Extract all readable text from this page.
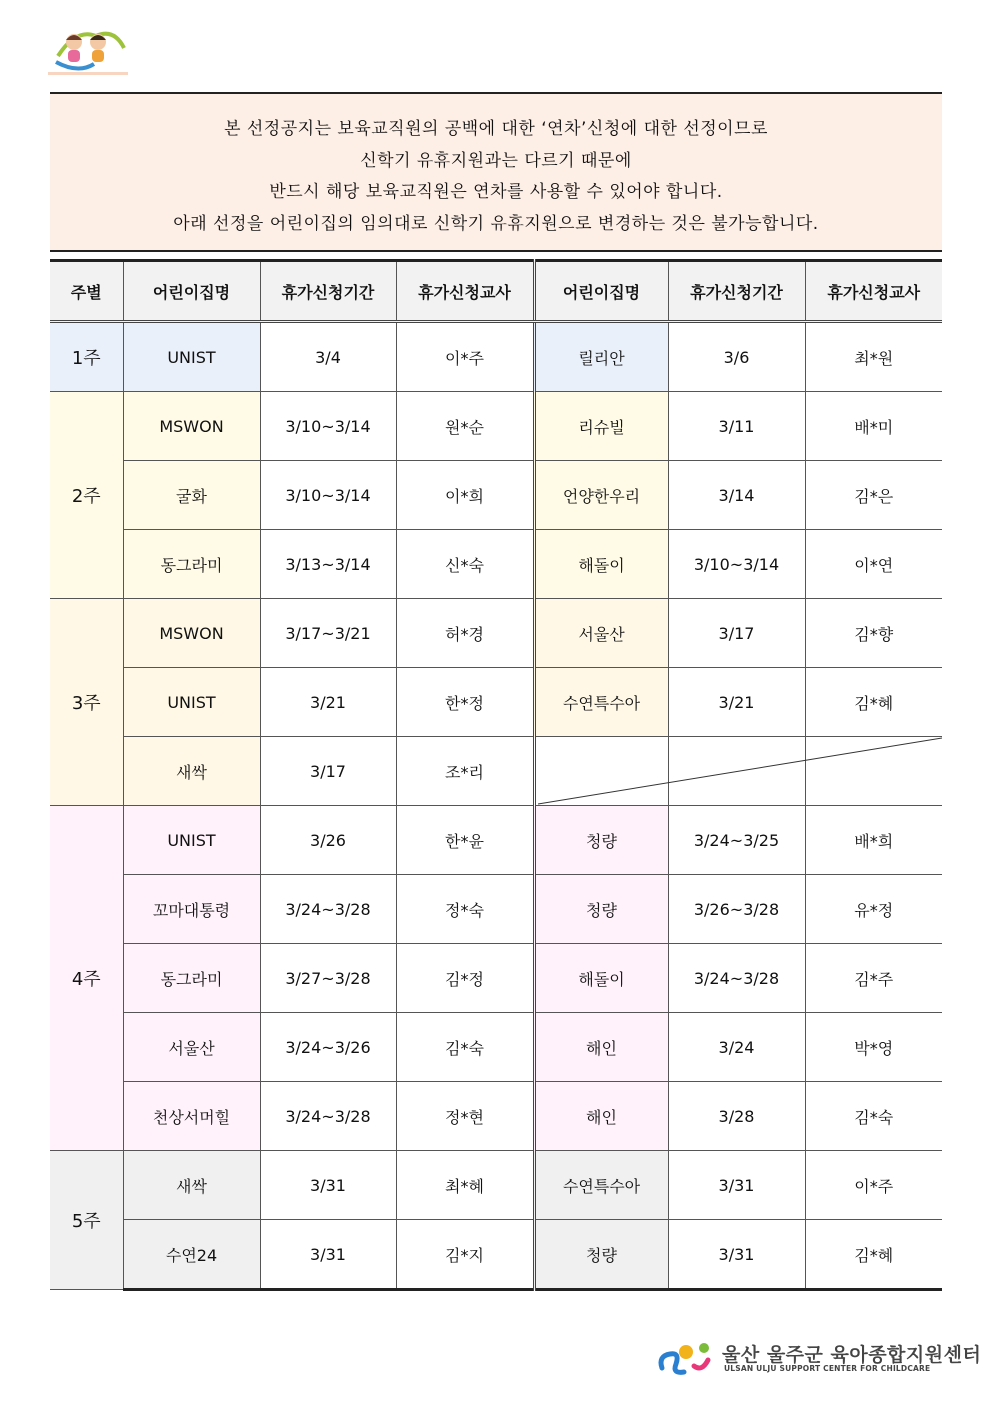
본 선정공지는 보육교직원의 공백에 대한 ‘연차’신청에 대한 선정이므로
신학기 유휴지원과는 다르기 때문에
반드시 해당 보육교직원은 연차를 사용할 수 있어야 합니다.
아래 선정을 어린이집의 임의대로 신학기 유휴지원으로 변경하는 것은 불가능합니다.
주별	어린이집명	휴가신청기간	휴가신청교사	어린이집명	휴가신청기간	휴가신청교사
1주	UNIST	3/4	이*주	릴리안	3/6	최*원
2주	MSWON	3/10~3/14	원*순	리슈빌	3/11	배*미
	굴화	3/10~3/14	이*희	언양한우리	3/14	김*은
	동그라미	3/13~3/14	신*숙	해돌이	3/10~3/14	이*연
3주	MSWON	3/17~3/21	허*경	서울산	3/17	김*향
	UNIST	3/21	한*정	수연특수아	3/21	김*혜
	새싹	3/17	조*리			
4주	UNIST	3/26	한*윤	청량	3/24~3/25	배*희
	꼬마대통령	3/24~3/28	정*숙	청량	3/26~3/28	유*정
	동그라미	3/27~3/28	김*정	해돌이	3/24~3/28	김*주
	서울산	3/24~3/26	김*숙	해인	3/24	박*영
	천상서머힐	3/24~3/28	정*현	해인	3/28	김*숙
5주	새싹	3/31	최*혜	수연특수아	3/31	이*주
	수연24	3/31	김*지	청량	3/31	김*혜
울산 울주군 육아종합지원센터
ULSAN ULJU SUPPORT CENTER FOR CHILDCARE
